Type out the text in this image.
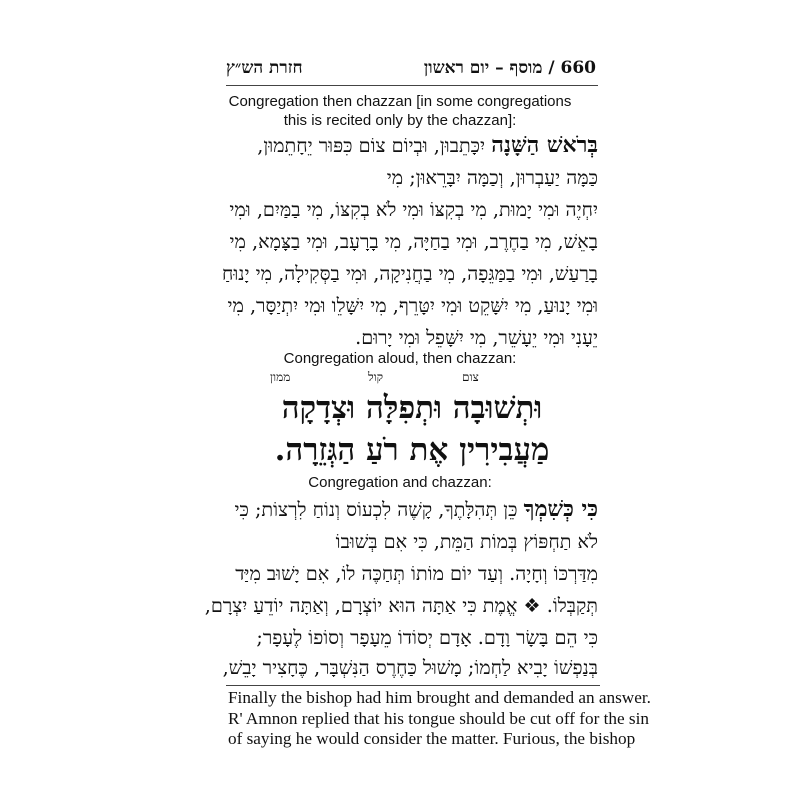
660 / מוסף – יום ראשון
חזרת הש״ץ
Congregation then chazzan [in some congregations
this is recited only by the chazzan]:
בְּרֹאשׁ הַשָּׁנָה יִכָּתֵבוּן, וּבְיוֹם צוֹם כִּפּוּר יֵחָתֵמוּן,
כַּמָּה יַעַבְרוּן, וְכַמָּה יִבָּרֵאוּן; מִי
יִחְיֶה וּמִי יָמוּת, מִי בְקִצּוֹ וּמִי לֹא בְקִצּוֹ, מִי בַמַּיִם, וּמִי
בָאֵשׁ, מִי בַחֶרֶב, וּמִי בַחַיָּה, מִי בָרָעָב, וּמִי בַצָּמָא, מִי
בָרַעַשׁ, וּמִי בַמַּגֵּפָה, מִי בַחֲנִיקָה, וּמִי בַסְּקִילָה, מִי יָנוּחַ
וּמִי יָנוּעַ, מִי יִשָּׁקֵט וּמִי יִטָּרֵף, מִי יִשָּׁלֵו וּמִי יִתְיַסָּר, מִי
יֵעָנִי וּמִי יֵעָשֵׁר, מִי יִשָּׁפֵל וּמִי יָרוּם.
Congregation aloud, then chazzan:
צום
קול
ממון
וּתְשׁוּבָה וּתְפִלָּה וּצְדָקָה
מַעֲבִירִין אֶת רֹעַ הַגְּזֵרָה.
Congregation and chazzan:
כִּי כְּשִׁמְךָ כֵּן תְּהִלָּתֶךָ, קָשֶׁה לִכְעוֹס וְנוֹחַ לִרְצוֹת; כִּי
לֹא תַחְפּוֹץ בְּמוֹת הַמֵּת, כִּי אִם בְּשׁוּבוֹ
מִדַּרְכּוֹ וְחָיָה. וְעַד יוֹם מוֹתוֹ תְּחַכֶּה לוֹ, אִם יָשׁוּב מִיַּד
תְּקַבְּלוֹ. ❖ אֱמֶת כִּי אַתָּה הוּא יוֹצְרָם, וְאַתָּה יוֹדֵעַ יִצְרָם,
כִּי הֵם בָּשָׂר וָדָם. אָדָם יְסוֹדוֹ מֵעָפָר וְסוֹפוֹ לֶעָפָר;
בְּנַפְשׁוֹ יָבִיא לַחְמוֹ; מָשׁוּל כַּחֶרֶס הַנִּשְׁבָּר, כֶּחָצִיר יָבֵשׁ,
Finally the bishop had him brought and demanded an answer.
R' Amnon replied that his tongue should be cut off for the sin
of saying he would consider the matter. Furious, the bishop
